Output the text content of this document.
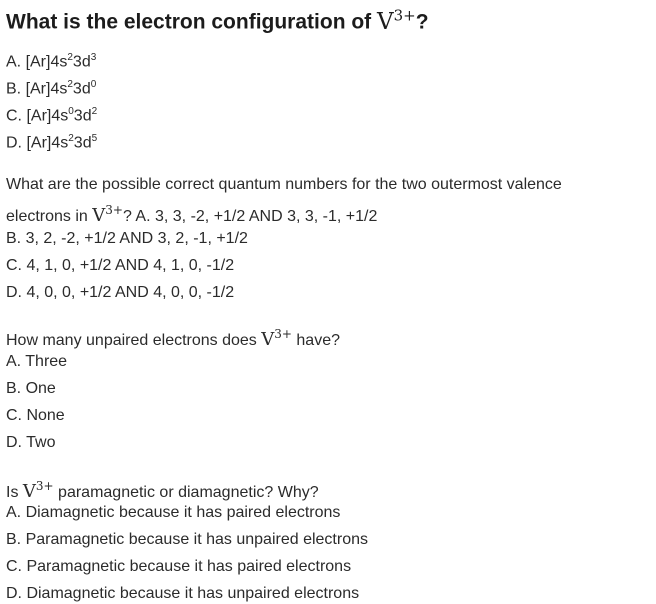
What is the electron configuration of $V^{3+}$?
A. $[Ar]4s^23d^3$
B. $[Ar]4s^23d^0$
C. $[Ar]4s^03d^2$
D. $[Ar]4s^23d^5$
What are the possible correct quantum numbers for the two outermost valence
electrons in $V^{3+}$? A. 3, 3, -2, +1/2 AND 3, 3, -1, +1/2
B. 3, 2, -2, +1/2 AND 3, 2, -1, +1/2
C. 4, 1, 0, +1/2 AND 4, 1, 0, -1/2
D. 4, 0, 0, +1/2 AND 4, 0, 0, -1/2
How many unpaired electrons does $V^{3+}$ have?
A. Three
B. One
C. None
D. Two
Is $V^{3+}$ paramagnetic or diamagnetic? Why?
A. Diamagnetic because it has paired electrons
B. Paramagnetic because it has unpaired electrons
C. Paramagnetic because it has paired electrons
D. Diamagnetic because it has unpaired electrons
